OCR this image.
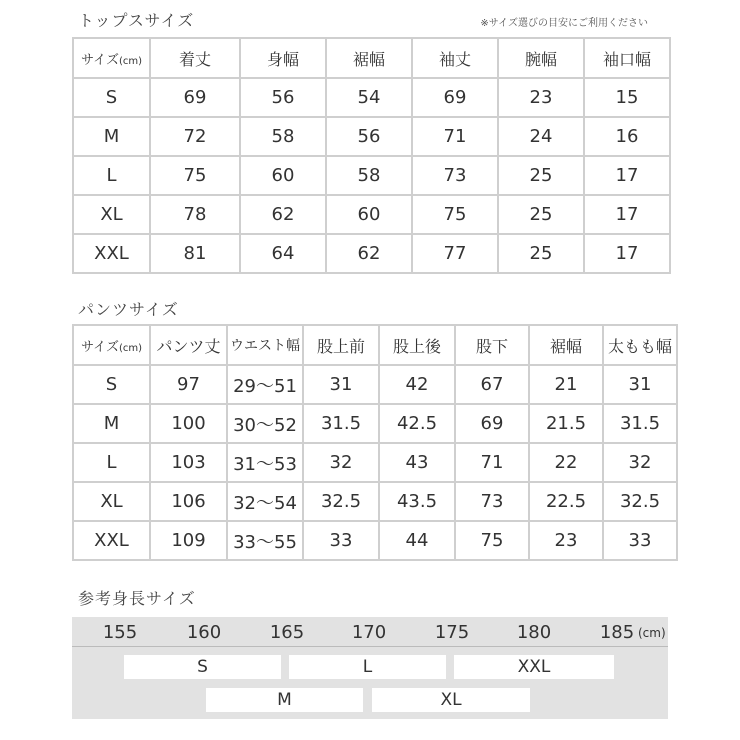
トップスサイズ	※サイズ選びの目安にご利用ください
サイズ(cm)	着丈	身幅	裾幅	袖丈	腕幅	袖口幅
S	69	56	54	69	23	15
M	72	58	56	71	24	16
L	75	60	58	73	25	17
XL	78	62	60	75	25	17
XXL	81	64	62	77	25	17
パンツサイズ
サイズ(cm)	パンツ丈	ウエスト幅	股上前	股上後	股下	裾幅	太もも幅
S	97	29～51	31	42	67	21	31
M	100	30～52	31.5	42.5	69	21.5	31.5
L	103	31～53	32	43	71	22	32
XL	106	32～54	32.5	43.5	73	22.5	32.5
XXL	109	33～55	33	44	75	23	33
参考身長サイズ
155	160	165	170	175	180	185 (cm)
S	L	XXL
M	XL
